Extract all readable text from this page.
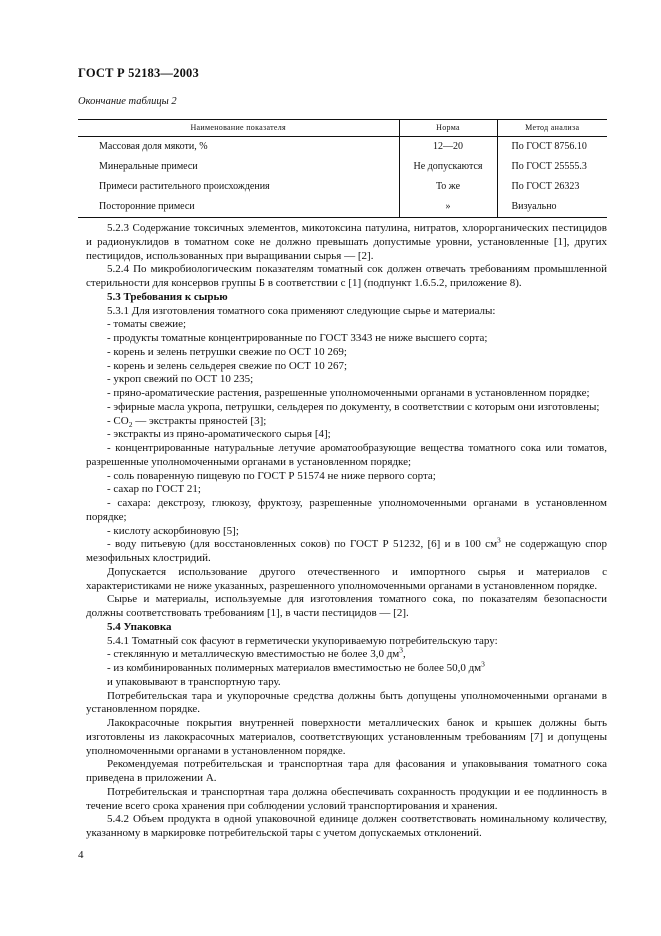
ГОСТ Р 52183—2003
Окончание таблицы 2
Наименование показателя	Норма	Метод анализа
Массовая доля мякоти, %	12—20	По ГОСТ 8756.10
Минеральные примеси	Не допускаются	По ГОСТ 25555.3
Примеси растительного происхождения	То же	По ГОСТ 26323
Посторонние примеси	»	Визуально

5.2.3 Содержание токсичных элементов, микотоксина патулина, нитратов, хлорорганических пестицидов и радионуклидов в томатном соке не должно превышать допустимые уровни, установленные [1], других пестицидов, использованных при выращивании сырья — [2].

5.2.4 По микробиологическим показателям томатный сок должен отвечать требованиям промышленной стерильности для консервов группы Б в соответствии с [1] (подпункт 1.6.5.2, приложение 8).

5.3 Требования к сырью

5.3.1 Для изготовления томатного сока применяют следующие сырье и материалы:

- томаты свежие;

- продукты томатные концентрированные по ГОСТ 3343 не ниже высшего сорта;

- корень и зелень петрушки свежие по ОСТ 10 269;

- корень и зелень сельдерея свежие по ОСТ 10 267;

- укроп свежий по ОСТ 10 235;

- пряно-ароматические растения, разрешенные уполномоченными органами в установленном порядке;

- эфирные масла укропа, петрушки, сельдерея по документу, в соответствии с которым они изготовлены;

- $CO_2$ — экстракты пряностей [3];

- экстракты из пряно-ароматического сырья [4];

- концентрированные натуральные летучие ароматообразующие вещества томатного сока или томатов, разрешенные уполномоченными органами в установленном порядке;

- соль поваренную пищевую по ГОСТ Р 51574 не ниже первого сорта;

- сахар по ГОСТ 21;

- сахара: декстрозу, глюкозу, фруктозу, разрешенные уполномоченными органами в установленном порядке;

- кислоту аскорбиновую [5];

- воду питьевую (для восстановленных соков) по ГОСТ Р 51232, [6] и в 100 $см^3$ не содержащую спор мезофильных клостридий.

Допускается использование другого отечественного и импортного сырья и материалов с характеристиками не ниже указанных, разрешенного уполномоченными органами в установленном порядке.

Сырье и материалы, используемые для изготовления томатного сока, по показателям безопасности должны соответствовать требованиям [1], в части пестицидов — [2].

5.4 Упаковка

5.4.1 Томатный сок фасуют в герметически укупориваемую потребительскую тару:

- стеклянную и металлическую вместимостью не более 3,0 $дм^3$,

- из комбинированных полимерных материалов вместимостью не более 50,0 $дм^3$

и упаковывают в транспортную тару.

Потребительская тара и укупорочные средства должны быть допущены уполномоченными органами в установленном порядке.

Лакокрасочные покрытия внутренней поверхности металлических банок и крышек должны быть изготовлены из лакокрасочных материалов, соответствующих установленным требованиям [7] и допущены уполномоченными органами в установленном порядке.

Рекомендуемая потребительская и транспортная тара для фасования и упаковывания томатного сока приведена в приложении А.

Потребительская и транспортная тара должна обеспечивать сохранность продукции и ее подлинность в течение всего срока хранения при соблюдении условий транспортирования и хранения.

5.4.2 Объем продукта в одной упаковочной единице должен соответствовать номинальному количеству, указанному в маркировке потребительской тары с учетом допускаемых отклонений.

4
